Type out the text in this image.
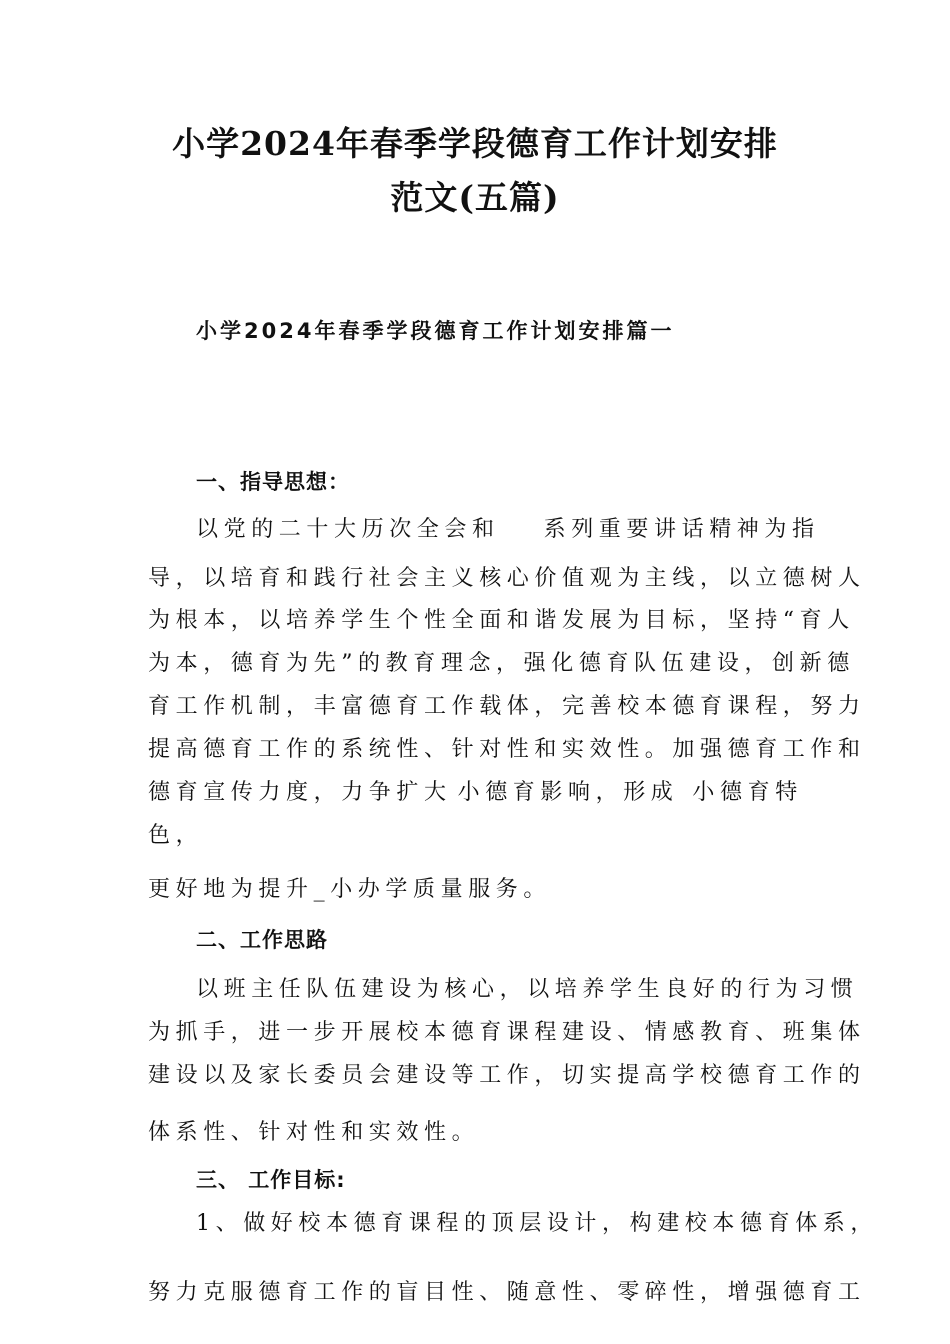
小学2024年春季学段德育工作计划安排
范文(五篇)
小学2024年春季学段德育工作计划安排篇一
一、指导思想：
以党的二十大历次全会和 系列重要讲话精神为指
导，以培育和践行社会主义核心价值观为主线，以立德树人
为根本，以培养学生个性全面和谐发展为目标，坚持“育人
为本，德育为先”的教育理念，强化德育队伍建设，创新德
育工作机制，丰富德育工作载体，完善校本德育课程，努力
提高德育工作的系统性、针对性和实效性。加强德育工作和
德育宣传力度，力争扩大 小德育影响，形成 小德育特
色，
更好地为提升_小办学质量服务。
二、工作思路
以班主任队伍建设为核心，以培养学生良好的行为习惯
为抓手，进一步开展校本德育课程建设、情感教育、班集体
建设以及家长委员会建设等工作，切实提高学校德育工作的
体系性、针对性和实效性。
三、 工作目标:
1、做好校本德育课程的顶层设计，构建校本德育体系，
努力克服德育工作的盲目性、随意性、零碎性，增强德育工
